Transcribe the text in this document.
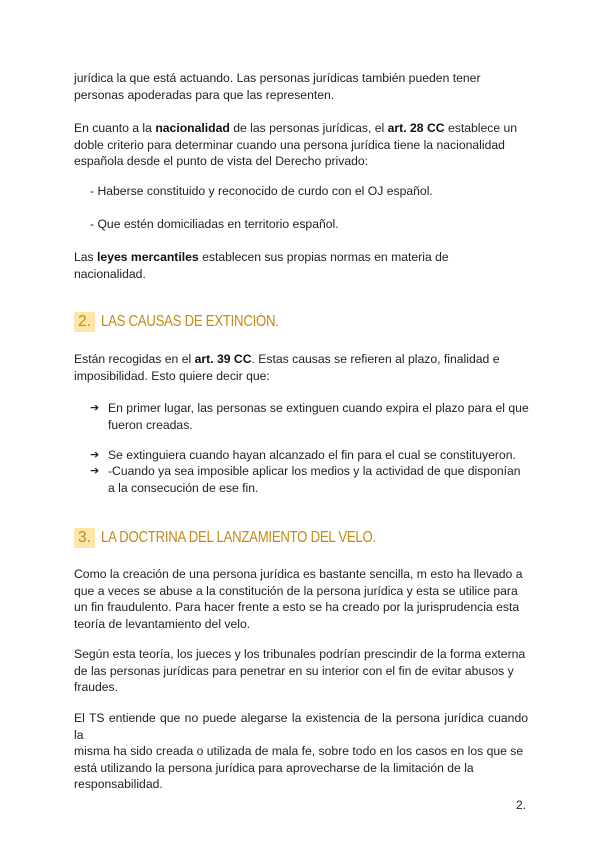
jurídica la que está actuando. Las personas jurídicas también pueden tener
personas apoderadas para que las representen.

En cuanto a la nacionalidad de las personas jurídicas, el art. 28 CC establece un
doble criterio para determinar cuando una persona jurídica tiene la nacionalidad
española desde el punto de vista del Derecho privado:

- Haberse constituido y reconocido de curdo con el OJ español.

- Que estén domiciliadas en territorio español.

Las leyes mercantiles establecen sus propias normas en materia de
nacionalidad.

2. LAS CAUSAS DE EXTINCIÓN.

Están recogidas en el art. 39 CC. Estas causas se refieren al plazo, finalidad e
imposibilidad. Esto quiere decir que:

➔ En primer lugar, las personas se extinguen cuando expira el plazo para el que
fueron creadas.
➔ Se extinguiera cuando hayan alcanzado el fin para el cual se constituyeron.
➔ -Cuando ya sea imposible aplicar los medios y la actividad de que disponían
a la consecución de ese fin.
3. LA DOCTRINA DEL LANZAMIENTO DEL VELO.

Como la creación de una persona jurídica es bastante sencilla, m esto ha llevado a
que a veces se abuse a la constitución de la persona jurídica y esta se utilice para
un fin fraudulento. Para hacer frente a esto se ha creado por la jurisprudencia esta
teoría de levantamiento del velo.

Según esta teoría, los jueces y los tribunales podrían prescindir de la forma externa
de las personas jurídicas para penetrar en su interior con el fin de evitar abusos y
fraudes.

El TS entiende que no puede alegarse la existencia de la persona jurídica cuando la
misma ha sido creada o utilizada de mala fe, sobre todo en los casos en los que se
está utilizando la persona jurídica para aprovecharse de la limitación de la
responsabilidad.

2.
